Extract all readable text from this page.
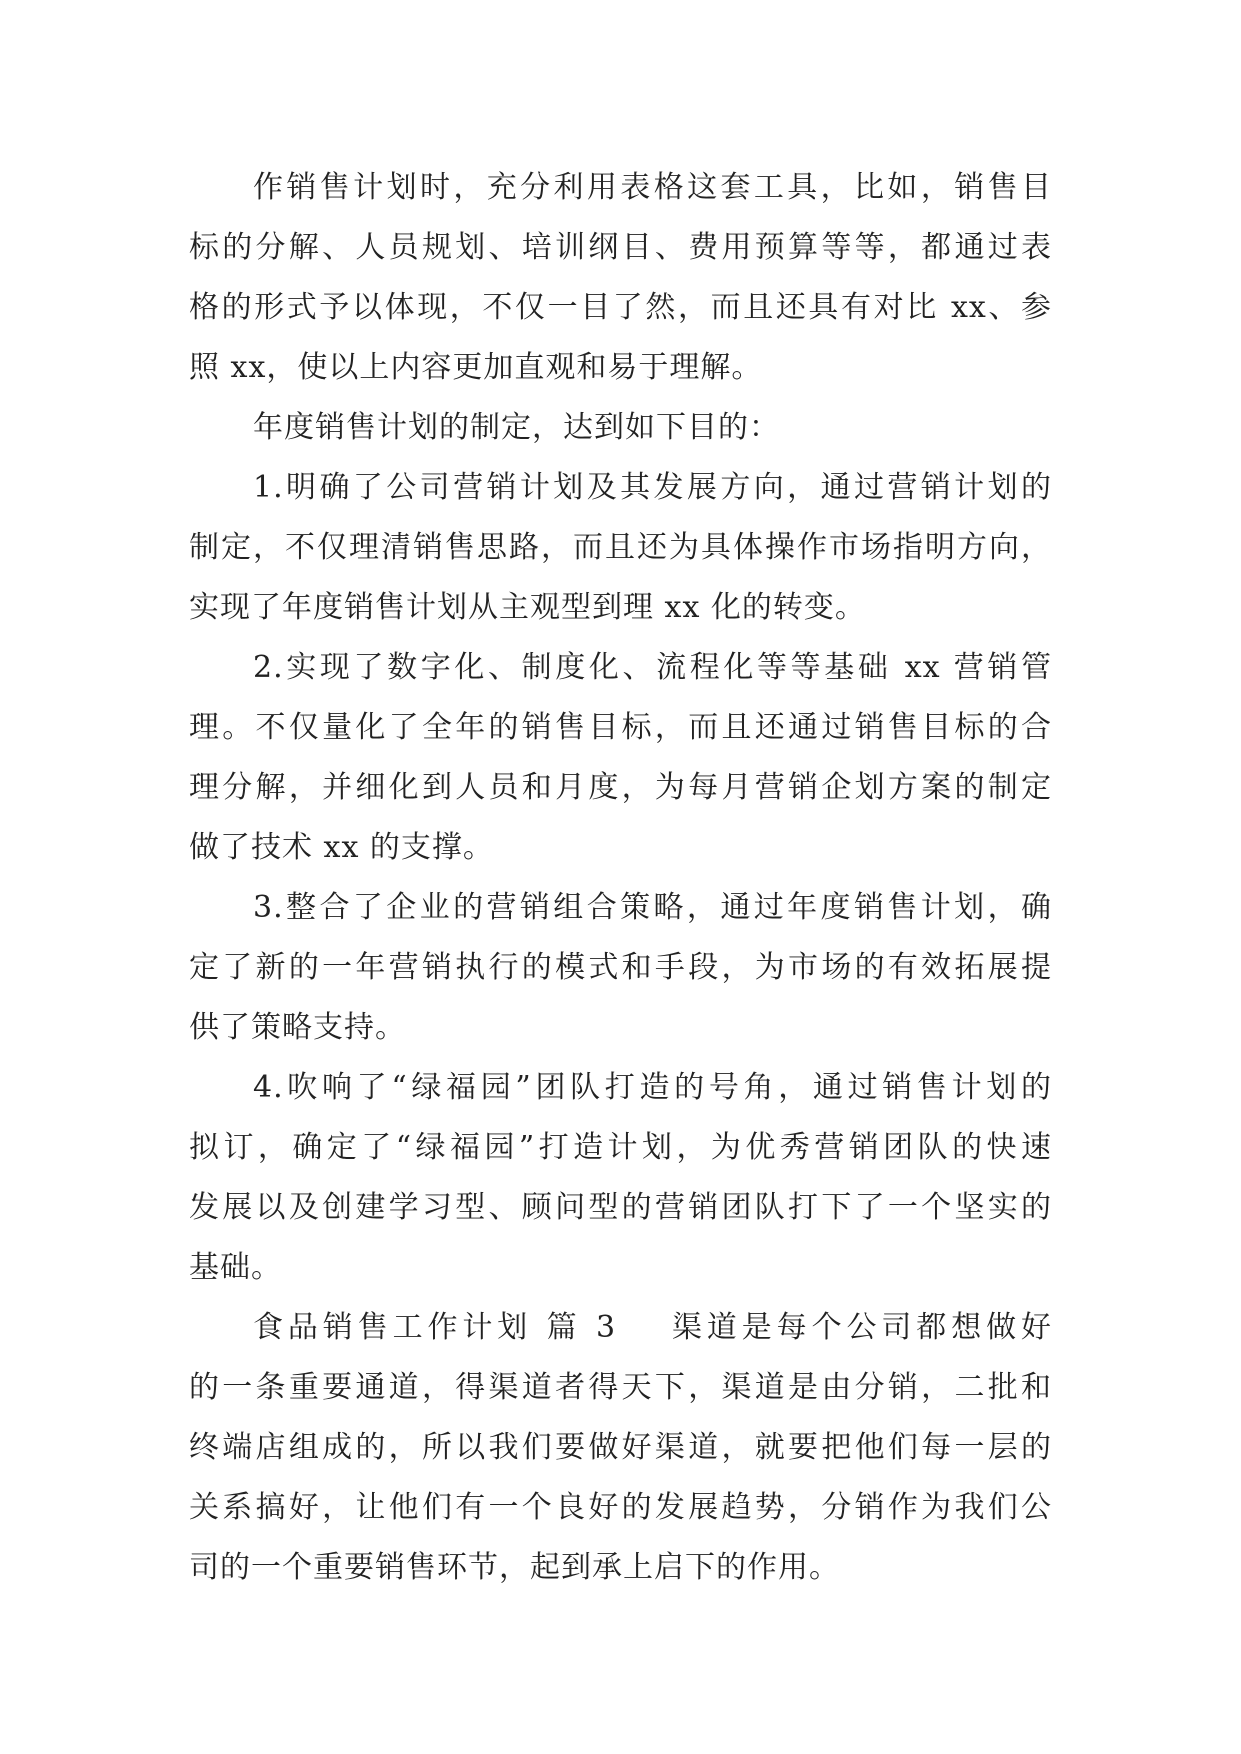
作销售计划时，充分利用表格这套工具，比如，销售目
标的分解、人员规划、培训纲目、费用预算等等，都通过表
格的形式予以体现，不仅一目了然，而且还具有对比 xx、参
照 xx，使以上内容更加直观和易于理解。
年度销售计划的制定，达到如下目的：
1.明确了公司营销计划及其发展方向，通过营销计划的
制定，不仅理清销售思路，而且还为具体操作市场指明方向，
实现了年度销售计划从主观型到理 xx 化的转变。
2.实现了数字化、制度化、流程化等等基础 xx 营销管
理。不仅量化了全年的销售目标，而且还通过销售目标的合
理分解，并细化到人员和月度，为每月营销企划方案的制定
做了技术 xx 的支撑。
3.整合了企业的营销组合策略，通过年度销售计划，确
定了新的一年营销执行的模式和手段，为市场的有效拓展提
供了策略支持。
4.吹响了“绿福园”团队打造的号角，通过销售计划的
拟订，确定了“绿福园”打造计划，为优秀营销团队的快速
发展以及创建学习型、顾问型的营销团队打下了一个坚实的
基础。
食品销售工作计划 篇 3 渠道是每个公司都想做好
的一条重要通道，得渠道者得天下，渠道是由分销，二批和
终端店组成的，所以我们要做好渠道，就要把他们每一层的
关系搞好，让他们有一个良好的发展趋势，分销作为我们公
司的一个重要销售环节，起到承上启下的作用。
